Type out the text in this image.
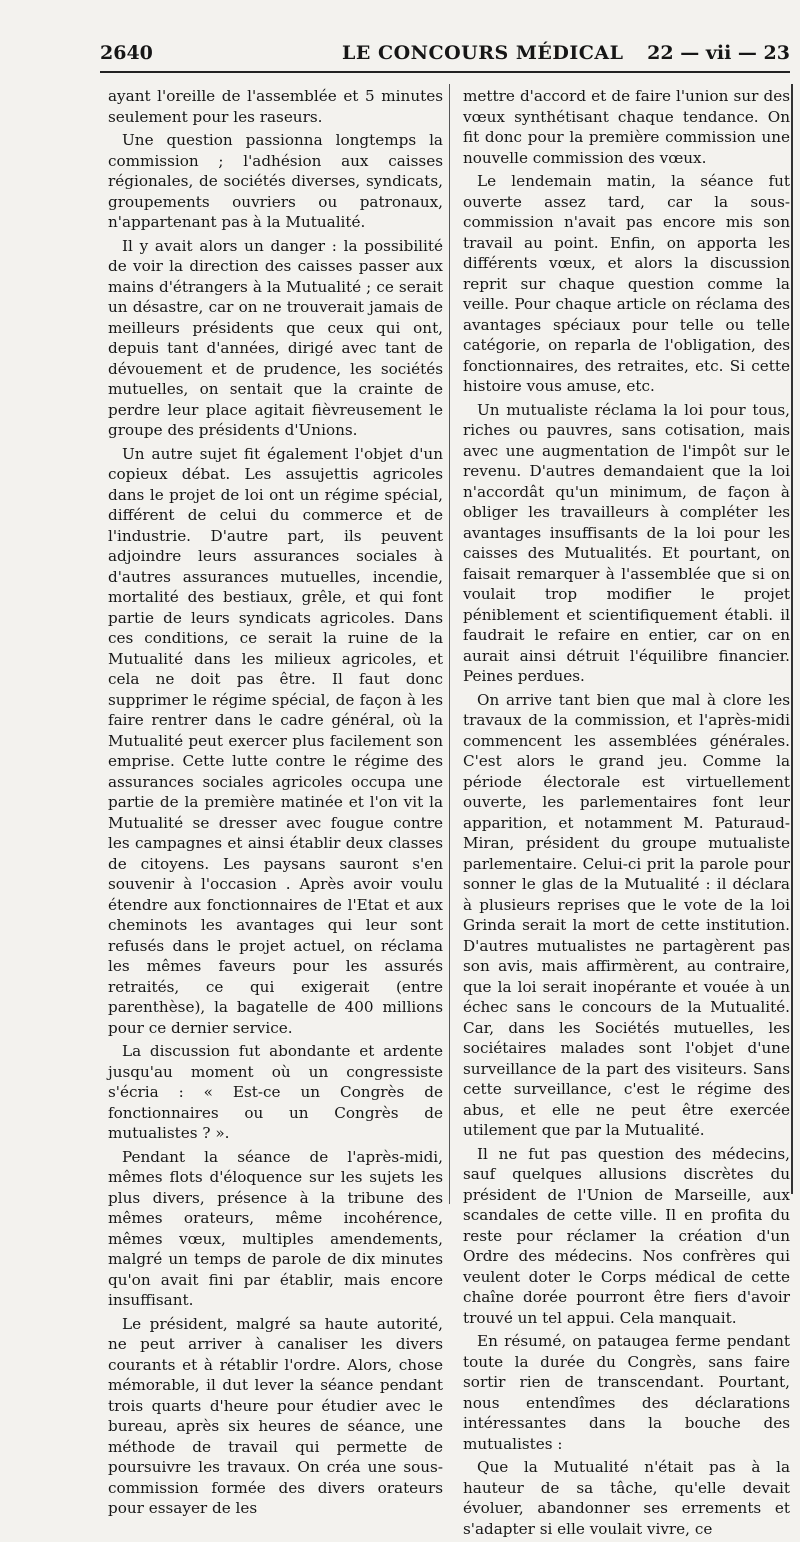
2640	LE CONCOURS MÉDICAL 22 — vii — 23

ayant l'oreille de l'assemblée et 5 minutes seulement pour les raseurs.

Une question passionna longtemps la commission ; l'adhésion aux caisses régionales, de sociétés diverses, syndicats, groupements ouvriers ou patronaux, n'appartenant pas à la Mutualité.

Il y avait alors un danger : la possibilité de voir la direction des caisses passer aux mains d'étrangers à la Mutualité ; ce serait un désastre, car on ne trouverait jamais de meilleurs présidents que ceux qui ont, depuis tant d'années, dirigé avec tant de dévouement et de prudence, les sociétés mutuelles, on sentait que la crainte de perdre leur place agitait fièvreusement le groupe des présidents d'Unions.

Un autre sujet fit également l'objet d'un copieux débat. Les assujettis agricoles dans le projet de loi ont un régime spécial, différent de celui du commerce et de l'industrie. D'autre part, ils peuvent adjoindre leurs assurances sociales à d'autres assurances mutuelles, incendie, mortalité des bestiaux, grêle, et qui font partie de leurs syndicats agricoles. Dans ces conditions, ce serait la ruine de la Mutualité dans les milieux agricoles, et cela ne doit pas être. Il faut donc supprimer le régime spécial, de façon à les faire rentrer dans le cadre général, où la Mutualité peut exercer plus facilement son emprise. Cette lutte contre le régime des assurances sociales agricoles occupa une partie de la première matinée et l'on vit la Mutualité se dresser avec fougue contre les campagnes et ainsi établir deux classes de citoyens. Les paysans sauront s'en souvenir à l'occasion . Après avoir voulu étendre aux fonctionnaires de l'Etat et aux cheminots les avantages qui leur sont refusés dans le projet actuel, on réclama les mêmes faveurs pour les assurés retraités, ce qui exigerait (entre parenthèse), la bagatelle de 400 millions pour ce dernier service.

La discussion fut abondante et ardente jusqu'au moment où un congressiste s'écria : « Est-ce un Congrès de fonctionnaires ou un Congrès de mutualistes ? ».

Pendant la séance de l'après-midi, mêmes flots d'éloquence sur les sujets les plus divers, présence à la tribune des mêmes orateurs, même incohérence, mêmes vœux, multiples amendements, malgré un temps de parole de dix minutes qu'on avait fini par établir, mais encore insuffisant.

Le président, malgré sa haute autorité, ne peut arriver à canaliser les divers courants et à rétablir l'ordre. Alors, chose mémorable, il dut lever la séance pendant trois quarts d'heure pour étudier avec le bureau, après six heures de séance, une méthode de travail qui permette de poursuivre les travaux. On créa une sous-commission formée des divers orateurs pour essayer de les

mettre d'accord et de faire l'union sur des vœux synthétisant chaque tendance. On fit donc pour la première commission une nouvelle commission des vœux.

Le lendemain matin, la séance fut ouverte assez tard, car la sous-commission n'avait pas encore mis son travail au point. Enfin, on apporta les différents vœux, et alors la discussion reprit sur chaque question comme la veille. Pour chaque article on réclama des avantages spéciaux pour telle ou telle catégorie, on reparla de l'obligation, des fonctionnaires, des retraites, etc. Si cette histoire vous amuse, etc.

Un mutualiste réclama la loi pour tous, riches ou pauvres, sans cotisation, mais avec une augmentation de l'impôt sur le revenu. D'autres demandaient que la loi n'accordât qu'un minimum, de façon à obliger les travailleurs à compléter les avantages insuffisants de la loi pour les caisses des Mutualités. Et pourtant, on faisait remarquer à l'assemblée que si on voulait trop modifier le projet péniblement et scientifiquement établi. il faudrait le refaire en entier, car on en aurait ainsi détruit l'équilibre financier. Peines perdues.

On arrive tant bien que mal à clore les travaux de la commission, et l'après-midi commencent les assemblées générales. C'est alors le grand jeu. Comme la période électorale est virtuellement ouverte, les parlementaires font leur apparition, et notamment M. Paturaud-Miran, président du groupe mutualiste parlementaire. Celui-ci prit la parole pour sonner le glas de la Mutualité : il déclara à plusieurs reprises que le vote de la loi Grinda serait la mort de cette institution. D'autres mutualistes ne partagèrent pas son avis, mais affirmèrent, au contraire, que la loi serait inopérante et vouée à un échec sans le concours de la Mutualité. Car, dans les Sociétés mutuelles, les sociétaires malades sont l'objet d'une surveillance de la part des visiteurs. Sans cette surveillance, c'est le régime des abus, et elle ne peut être exercée utilement que par la Mutualité.

Il ne fut pas question des médecins, sauf quelques allusions discrètes du président de l'Union de Marseille, aux scandales de cette ville. Il en profita du reste pour réclamer la création d'un Ordre des médecins. Nos confrères qui veulent doter le Corps médical de cette chaîne dorée pourront être fiers d'avoir trouvé un tel appui. Cela manquait.

En résumé, on pataugea ferme pendant toute la durée du Congrès, sans faire sortir rien de transcendant. Pourtant, nous entendîmes des déclarations intéressantes dans la bouche des mutualistes :

Que la Mutualité n'était pas à la hauteur de sa tâche, qu'elle devait évoluer, abandonner ses errements et s'adapter si elle voulait vivre, ce
